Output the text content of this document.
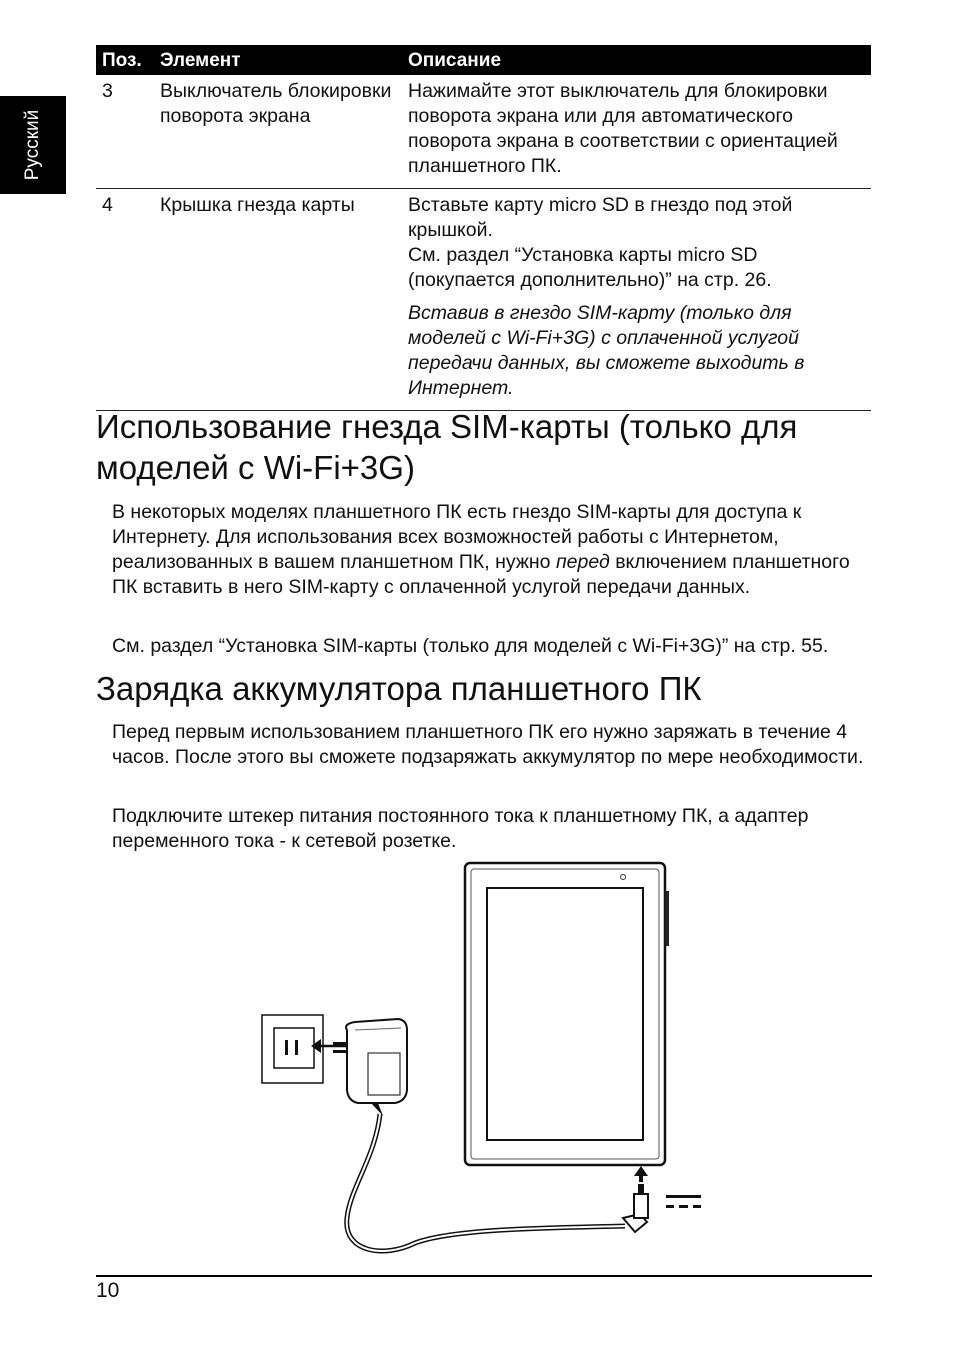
Русский
Поз.	Элемент	Описание
3	Выключатель блокировки поворота экрана	Нажимайте этот выключатель для блокировки поворота экрана или для автоматического поворота экрана в соответствии с ориентацией планшетного ПК.
4	Крышка гнезда карты	Вставьте карту micro SD в гнездо под этой крышкой.
См. раздел “Установка карты micro SD (покупается дополнительно)” на стр. 26.
Вставив в гнездо SIM-карту (только для моделей с Wi-Fi+3G) с оплаченной услугой передачи данных, вы сможете выходить в Интернет.
Использование гнезда SIM-карты (только для моделей с Wi-Fi+3G)

В некоторых моделях планшетного ПК есть гнездо SIM-карты для доступа к Интернету. Для использования всех возможностей работы с Интернетом, реализованных в вашем планшетном ПК, нужно перед включением планшетного ПК вставить в него SIM-карту с оплаченной услугой передачи данных.

См. раздел “Установка SIM-карты (только для моделей с Wi-Fi+3G)” на стр. 55.

Зарядка аккумулятора планшетного ПК

Перед первым использованием планшетного ПК его нужно заряжать в течение 4 часов. После этого вы сможете подзаряжать аккумулятор по мере необходимости.

Подключите штекер питания постоянного тока к планшетному ПК, а адаптер переменного тока - к сетевой розетке.

10
